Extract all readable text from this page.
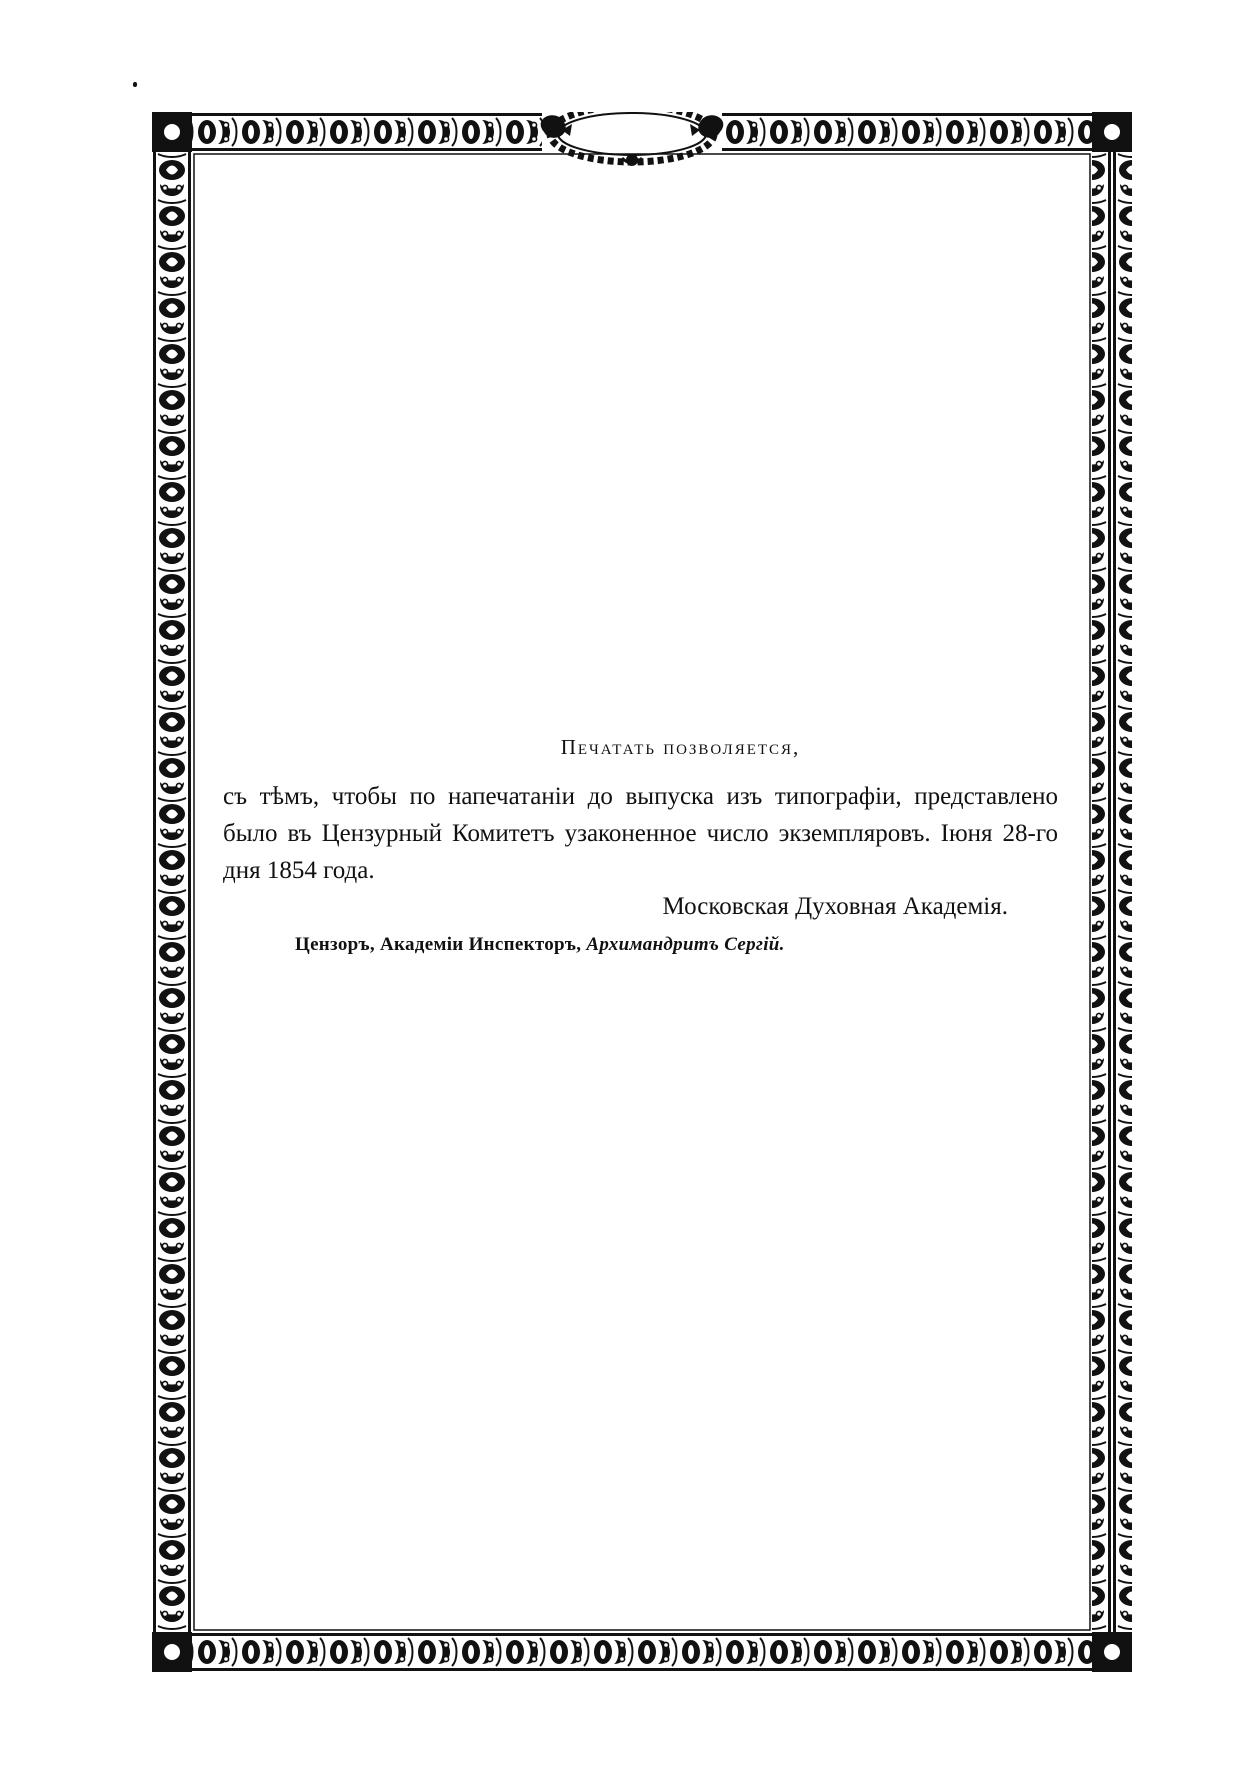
Печатать позволяется,

съ тѣмъ, чтобы по напечатаніи до выпуска изъ типографіи, представлено было въ Цензурный Комитетъ узаконенное число экземпляровъ. Іюня 28-го дня 1854 года.

Московская Духовная Академія.

Цензоръ, Академіи Инспекторъ, Архимандритъ Сергій.
